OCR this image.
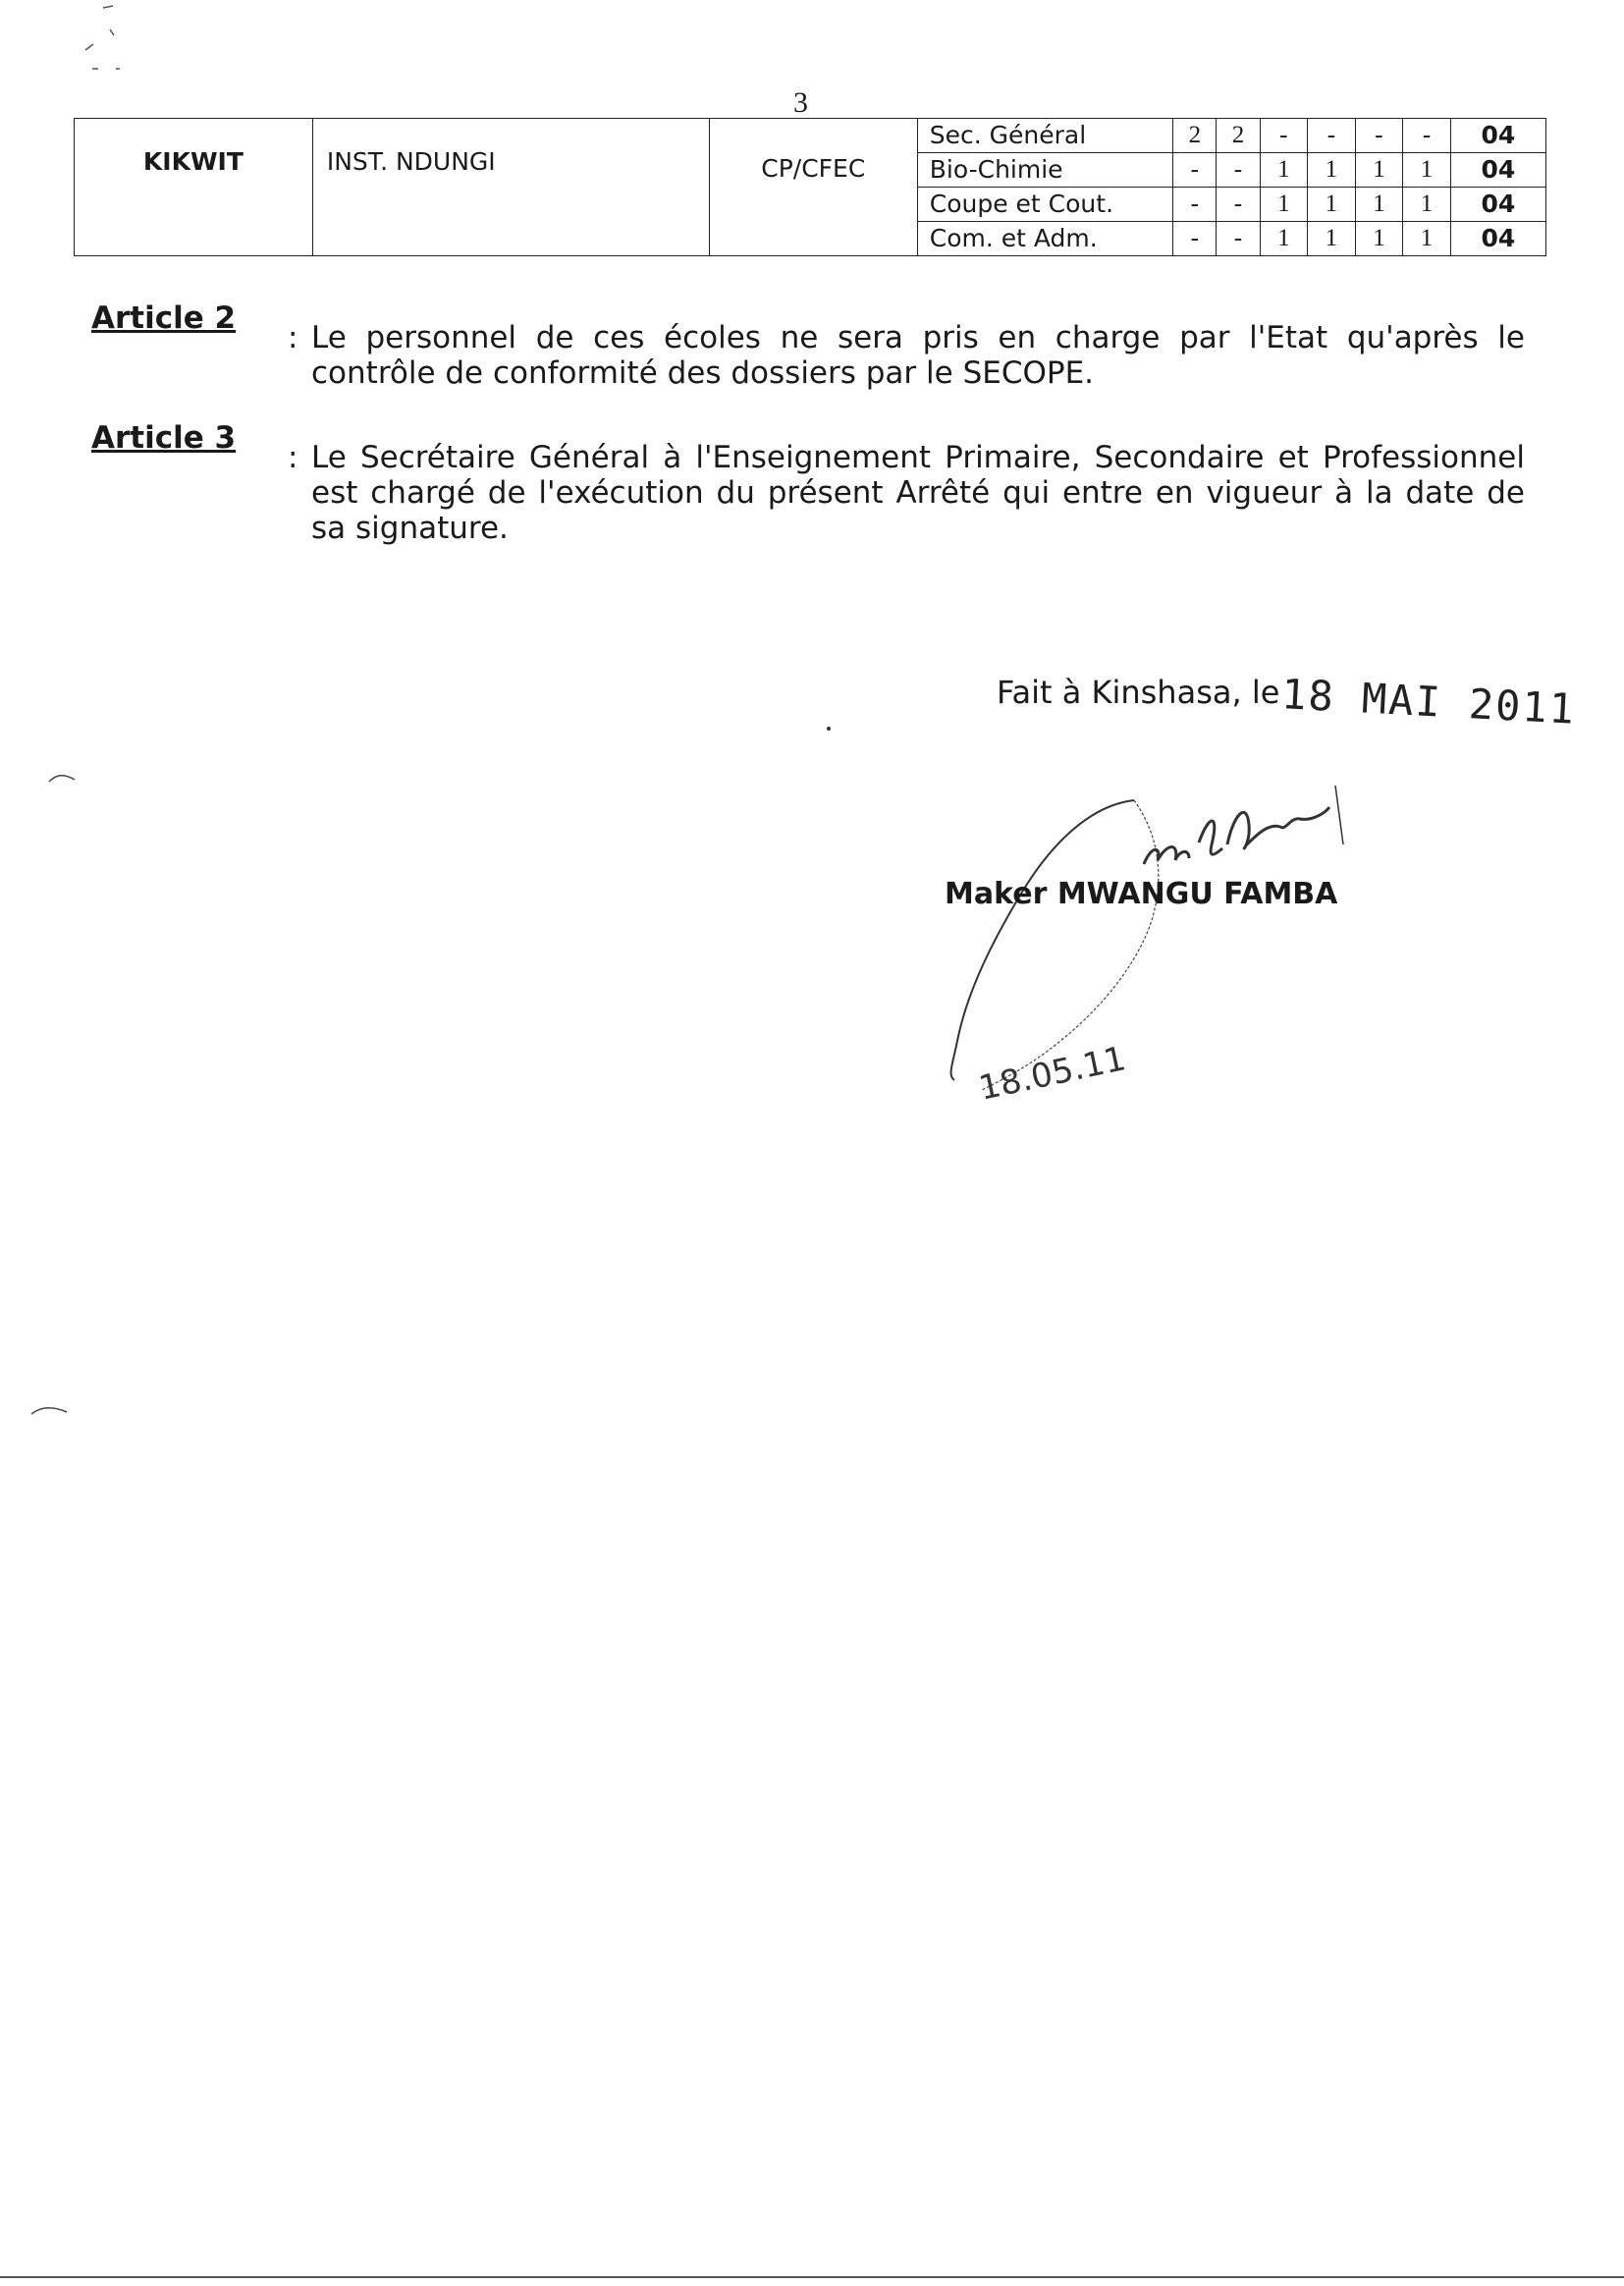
3
KIKWIT	INST. NDUNGI	CP/CFEC	Sec. Général	2	2	-	-	-	-	04
			Bio-Chimie	-	-	1	1	1	1	04
			Coupe et Cout.	-	-	1	1	1	1	04
			Com. et Adm.	-	-	1	1	1	1	04
Article 2
: Le personnel de ces écoles ne sera pris en charge par l'Etat qu'après le contrôle de conformité des dossiers par le SECOPE.
Article 3
: Le Secrétaire Général à l'Enseignement Primaire, Secondaire et Professionnel est chargé de l'exécution du présent Arrêté qui entre en vigueur à la date de sa signature.
Fait à Kinshasa, le 18 MAI 2011
18.05.11
Maker MWANGU FAMBA
